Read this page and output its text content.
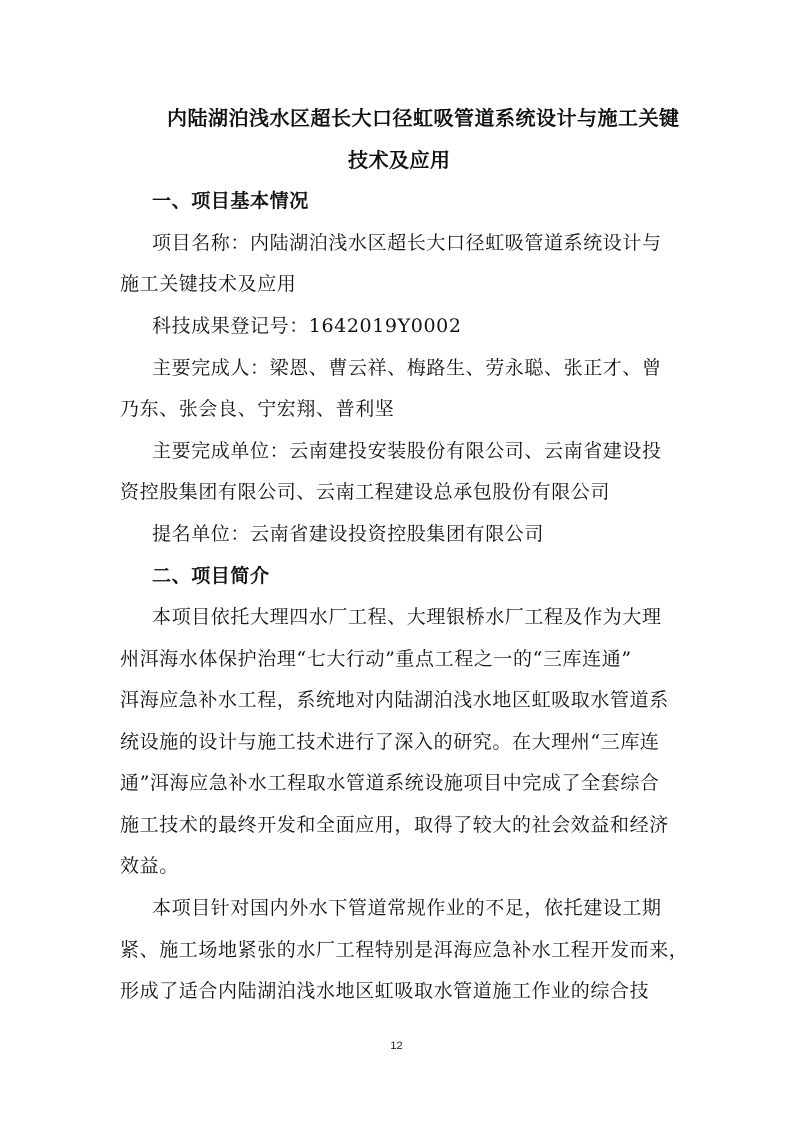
内陆湖泊浅水区超长大口径虹吸管道系统设计与施工关键
技术及应用
一、项目基本情况
项目名称：内陆湖泊浅水区超长大口径虹吸管道系统设计与
施工关键技术及应用
科技成果登记号：1642019Y0002
主要完成人：梁恩、曹云祥、梅路生、劳永聪、张正才、曾
乃东、张会良、宁宏翔、普利坚
主要完成单位：云南建投安装股份有限公司、云南省建设投
资控股集团有限公司、云南工程建设总承包股份有限公司
提名单位：云南省建设投资控股集团有限公司
二、项目简介
本项目依托大理四水厂工程、大理银桥水厂工程及作为大理
州洱海水体保护治理“七大行动”重点工程之一的“三库连通”
洱海应急补水工程，系统地对内陆湖泊浅水地区虹吸取水管道系
统设施的设计与施工技术进行了深入的研究。在大理州“三库连
通”洱海应急补水工程取水管道系统设施项目中完成了全套综合
施工技术的最终开发和全面应用，取得了较大的社会效益和经济
效益。
本项目针对国内外水下管道常规作业的不足，依托建设工期
紧、施工场地紧张的水厂工程特别是洱海应急补水工程开发而来，
形成了适合内陆湖泊浅水地区虹吸取水管道施工作业的综合技
12
